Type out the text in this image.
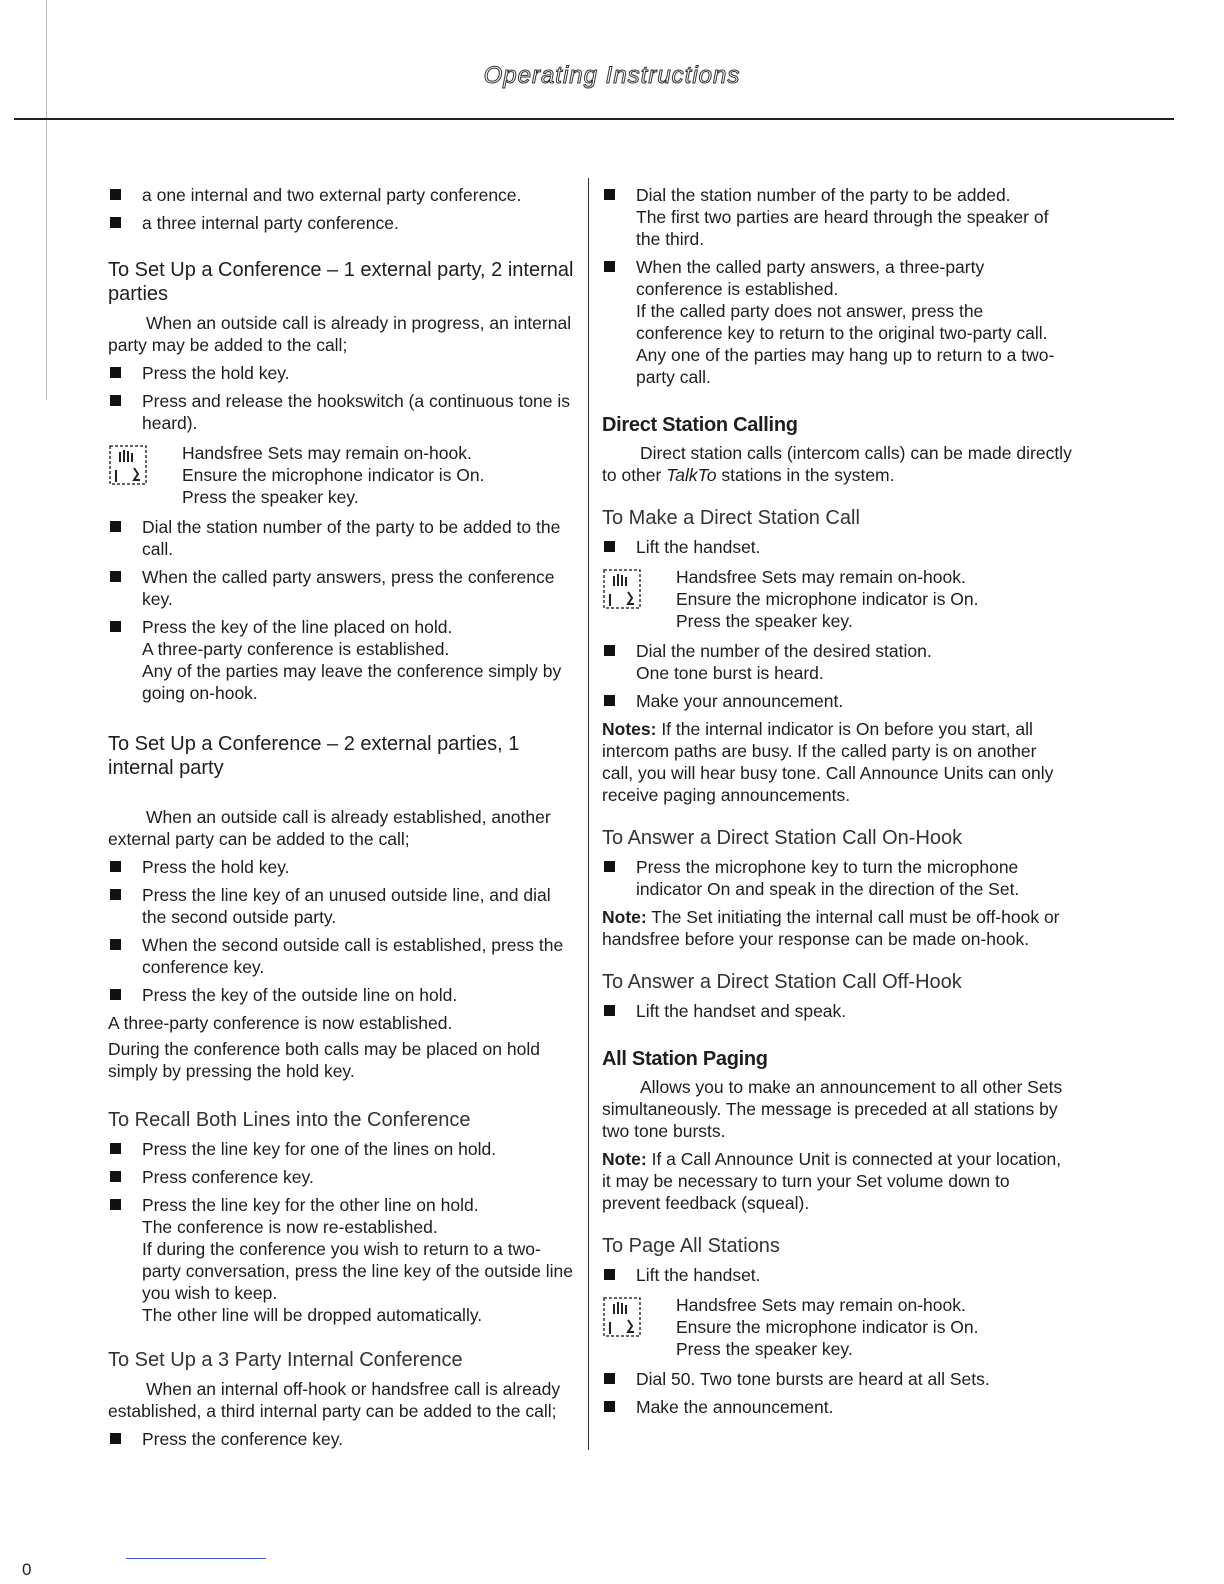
Operating Instructions
a one internal and two external party conference.
a three internal party conference.
To Set Up a Conference – 1 external party, 2 internal parties
When an outside call is already in progress, an internal party may be added to the call;
Press the hold key.
Press and release the hookswitch (a continuous tone is heard).
Handsfree Sets may remain on-hook.
Ensure the microphone indicator is On.
Press the speaker key.
Dial the station number of the party to be added to the call.
When the called party answers, press the conference key.
Press the key of the line placed on hold.
A three-party conference is established.
Any of the parties may leave the conference simply by going on-hook.
To Set Up a Conference – 2 external parties, 1 internal party
When an outside call is already established, another external party can be added to the call;
Press the hold key.
Press the line key of an unused outside line, and dial the second outside party.
When the second outside call is established, press the conference key.
Press the key of the outside line on hold.
A three-party conference is now established.
During the conference both calls may be placed on hold simply by pressing the hold key.
To Recall Both Lines into the Conference
Press the line key for one of the lines on hold.
Press conference key.
Press the line key for the other line on hold.
The conference is now re-established.
If during the conference you wish to return to a two-party conversation, press the line key of the outside line you wish to keep.
The other line will be dropped automatically.
To Set Up a 3 Party Internal Conference
When an internal off-hook or handsfree call is already established, a third internal party can be added to the call;
Press the conference key.
Dial the station number of the party to be added.
The first two parties are heard through the speaker of the third.
When the called party answers, a three-party conference is established.
If the called party does not answer, press the conference key to return to the original two-party call.
Any one of the parties may hang up to return to a two-party call.
Direct Station Calling
Direct station calls (intercom calls) can be made directly to other TalkTo stations in the system.
To Make a Direct Station Call
Lift the handset.
Handsfree Sets may remain on-hook.
Ensure the microphone indicator is On.
Press the speaker key.
Dial the number of the desired station.
One tone burst is heard.
Make your announcement.
Notes: If the internal indicator is On before you start, all intercom paths are busy. If the called party is on another call, you will hear busy tone. Call Announce Units can only receive paging announcements.
To Answer a Direct Station Call On-Hook
Press the microphone key to turn the microphone indicator On and speak in the direction of the Set.
Note: The Set initiating the internal call must be off-hook or handsfree before your response can be made on-hook.
To Answer a Direct Station Call Off-Hook
Lift the handset and speak.
All Station Paging
Allows you to make an announcement to all other Sets simultaneously. The message is preceded at all stations by two tone bursts.
Note: If a Call Announce Unit is connected at your location, it may be necessary to turn your Set volume down to prevent feedback (squeal).
To Page All Stations
Lift the handset.
Handsfree Sets may remain on-hook.
Ensure the microphone indicator is On.
Press the speaker key.
Dial 50. Two tone bursts are heard at all Sets.
Make the announcement.
0
